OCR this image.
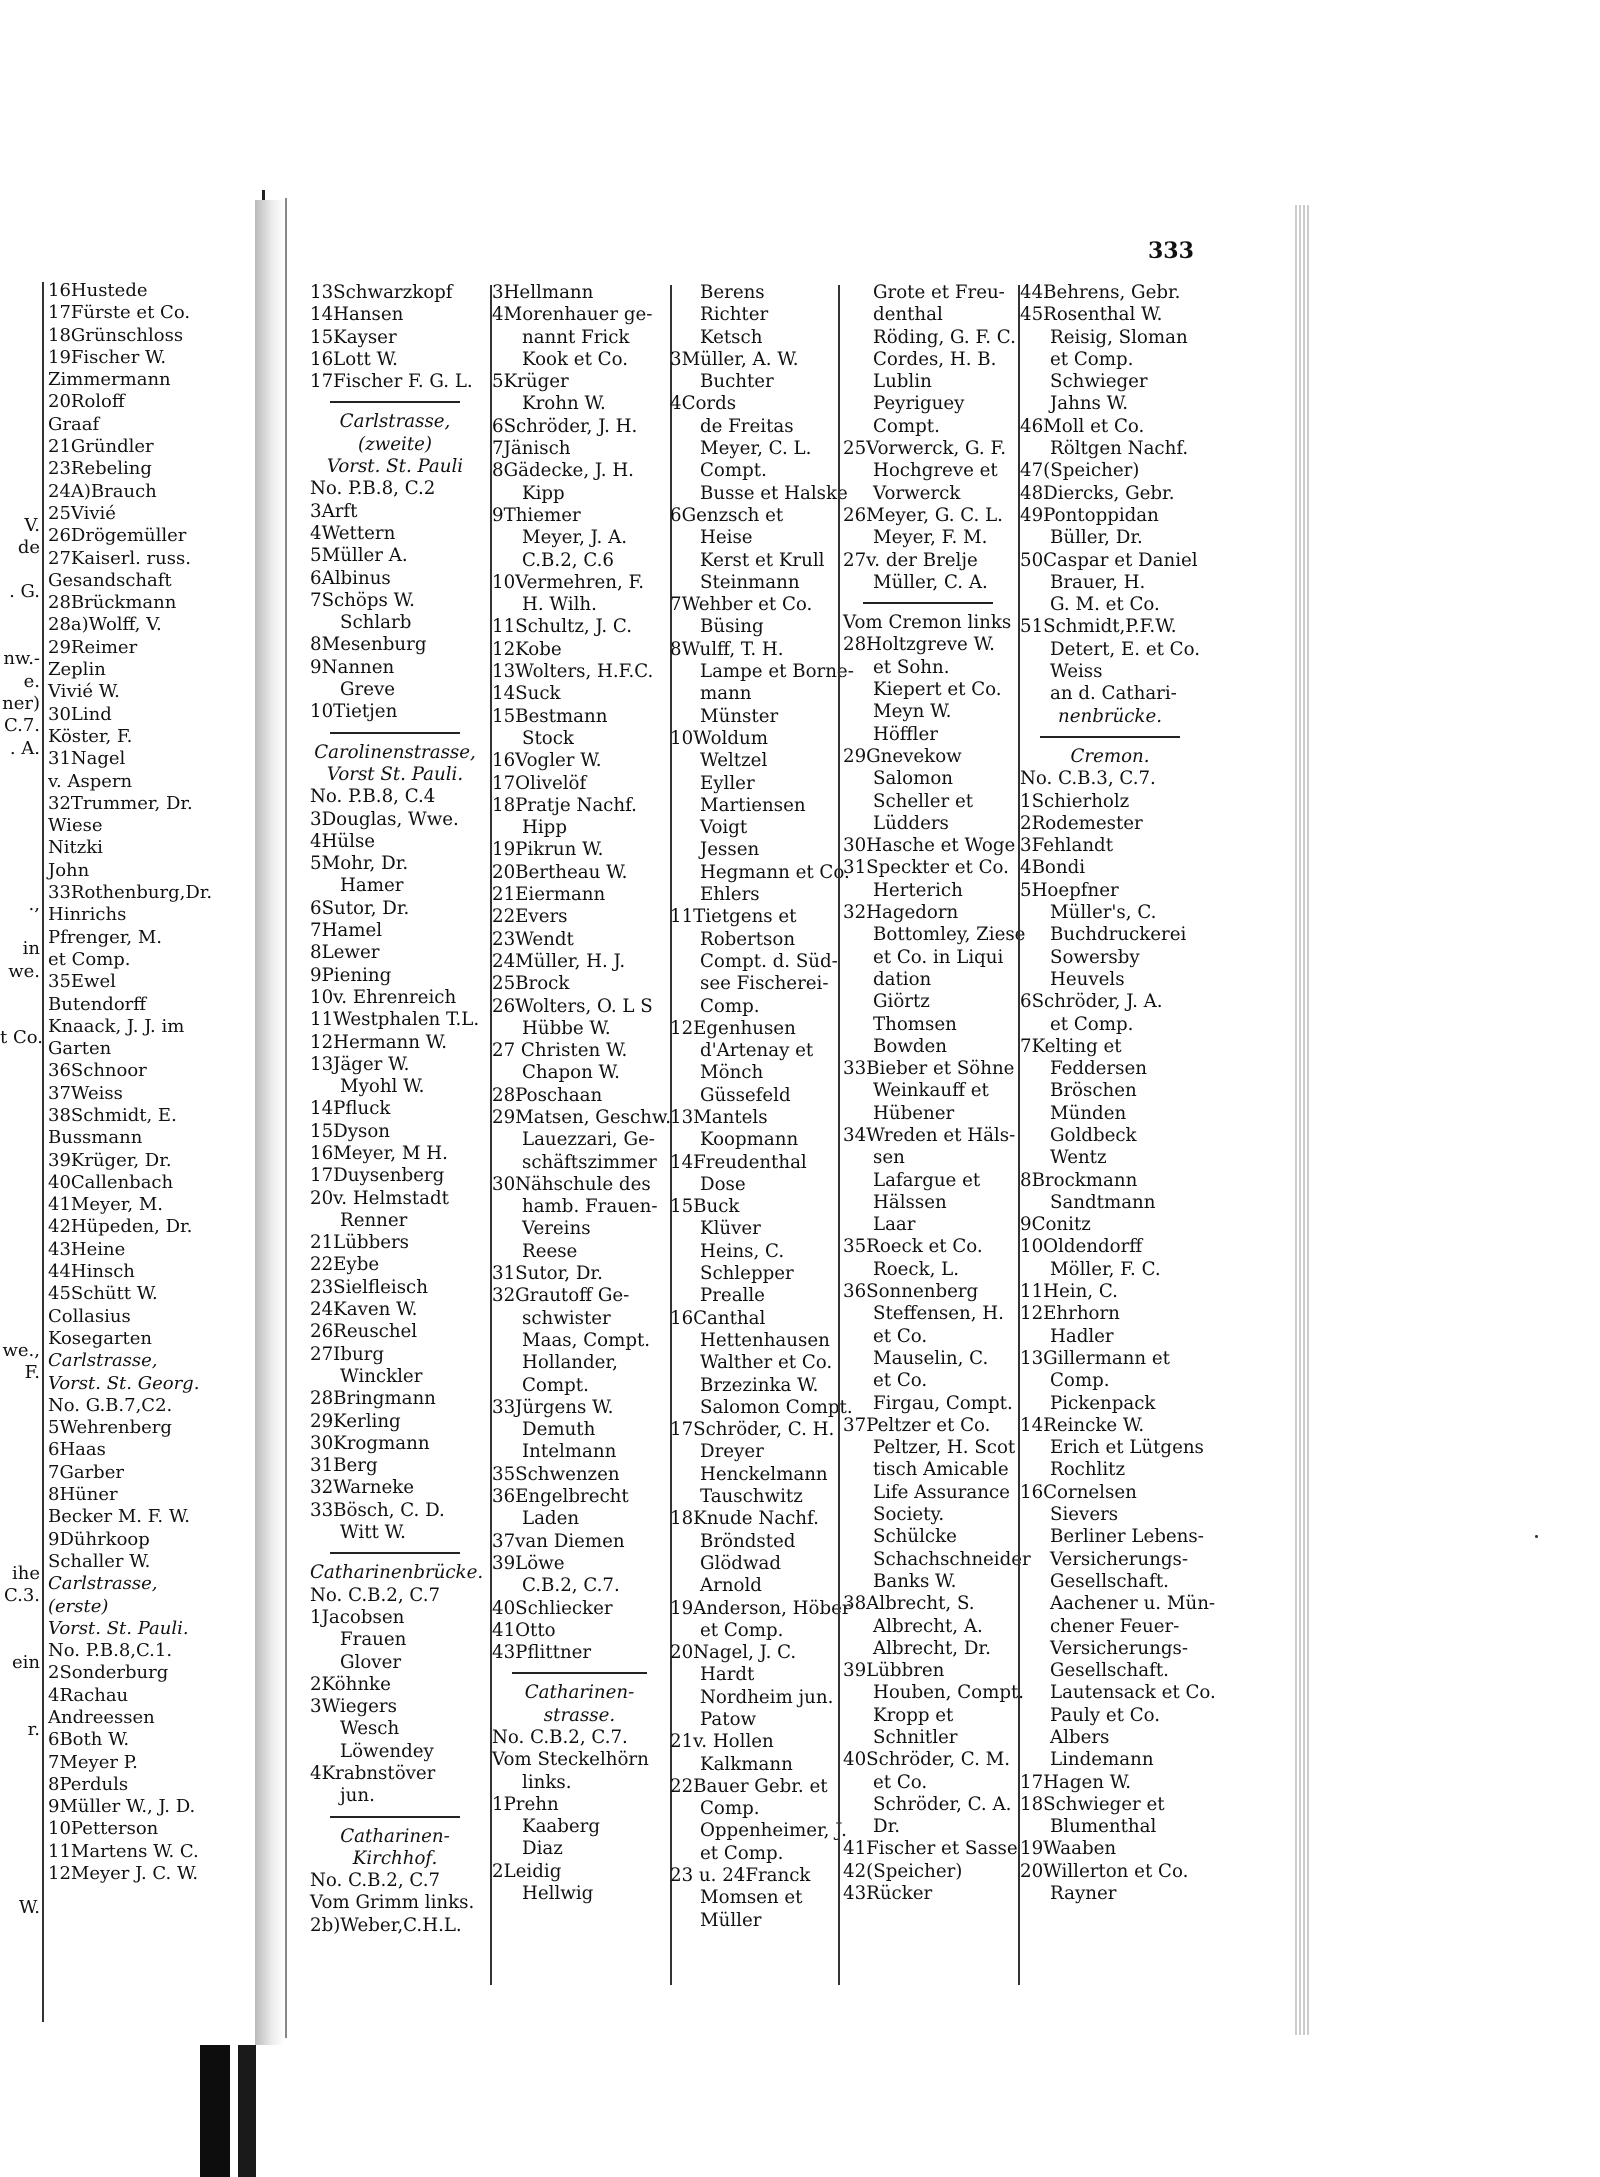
V.
de
. G.
nw.-
e.
ner)
C.7.
. A.
.,
in
we.
t Co.
we.,
F.
ihe
C.3.
ein
r.
W.
16Hustede
17Fürste et Co.
18Grünschloss
19Fischer W.
Zimmermann
20Roloff
Graaf
21Gründler
23Rebeling
24A)Brauch
25Vivié
26Drögemüller
27Kaiserl. russ.
Gesandschaft
28Brückmann
28a)Wolff, V.
29Reimer
Zeplin
Vivié W.
30Lind
Köster, F.
31Nagel
v. Aspern
32Trummer, Dr.
Wiese
Nitzki
John
33Rothenburg,Dr.
Hinrichs
Pfrenger, M.
et Comp.
35Ewel
Butendorff
Knaack, J. J. im
Garten
36Schnoor
37Weiss
38Schmidt, E.
Bussmann
39Krüger, Dr.
40Callenbach
41Meyer, M.
42Hüpeden, Dr.
43Heine
44Hinsch
45Schütt W.
Collasius
Kosegarten
Carlstrasse,
Vorst. St. Georg.
No. G.B.7,C2.
5Wehrenberg
6Haas
7Garber
8Hüner
Becker M. F. W.
9Dührkoop
Schaller W.
Carlstrasse,
(erste)
Vorst. St. Pauli.
No. P.B.8,C.1.
2Sonderburg
4Rachau
Andreessen
6Both W.
7Meyer P.
8Perduls
9Müller W., J. D.
10Petterson
11Martens W. C.
12Meyer J. C. W.
333
13Schwarzkopf
14Hansen
15Kayser
16Lott W.
17Fischer F. G. L.
Carlstrasse,
(zweite)
Vorst. St. Pauli
No. P.B.8, C.2
3Arft
4Wettern
5Müller A.
6Albinus
7Schöps W.
Schlarb
8Mesenburg
9Nannen
Greve
10Tietjen
Carolinenstrasse,
Vorst St. Pauli.
No. P.B.8, C.4
3Douglas, Wwe.
4Hülse
5Mohr, Dr.
Hamer
6Sutor, Dr.
7Hamel
8Lewer
9Piening
10v. Ehrenreich
11Westphalen T.L.
12Hermann W.
13Jäger W.
Myohl W.
14Pfluck
15Dyson
16Meyer, M H.
17Duysenberg
20v. Helmstadt
Renner
21Lübbers
22Eybe
23Sielfleisch
24Kaven W.
26Reuschel
27Iburg
Winckler
28Bringmann
29Kerling
30Krogmann
31Berg
32Warneke
33Bösch, C. D.
Witt W.
Catharinenbrücke.
No. C.B.2, C.7
1Jacobsen
Frauen
Glover
2Köhnke
3Wiegers
Wesch
Löwendey
4Krabnstöver
jun.
Catharinen-
Kirchhof.
No. C.B.2, C.7
Vom Grimm links.
2b)Weber,C.H.L.
3Hellmann
4Morenhauer ge-
nannt Frick
Kook et Co.
5Krüger
Krohn W.
6Schröder, J. H.
7Jänisch
8Gädecke, J. H.
Kipp
9Thiemer
Meyer, J. A.
C.B.2, C.6
10Vermehren, F.
H. Wilh.
11Schultz, J. C.
12Kobe
13Wolters, H.F.C.
14Suck
15Bestmann
Stock
16Vogler W.
17Olivelöf
18Pratje Nachf.
Hipp
19Pikrun W.
20Bertheau W.
21Eiermann
22Evers
23Wendt
24Müller, H. J.
25Brock
26Wolters, O. L S
Hübbe W.
27 Christen W.
Chapon W.
28Poschaan
29Matsen, Geschw.
Lauezzari, Ge-
schäftszimmer
30Nähschule des
hamb. Frauen-
Vereins
Reese
31Sutor, Dr.
32Grautoff Ge-
schwister
Maas, Compt.
Hollander,
Compt.
33Jürgens W.
Demuth
Intelmann
35Schwenzen
36Engelbrecht
Laden
37van Diemen
39Löwe
C.B.2, C.7.
40Schliecker
41Otto
43Pflittner
Catharinen-
strasse.
No. C.B.2, C.7.
Vom Steckelhörn
links.
1Prehn
Kaaberg
Diaz
2Leidig
Hellwig
Berens
Richter
Ketsch
3Müller, A. W.
Buchter
4Cords
de Freitas
Meyer, C. L.
Compt.
Busse et Halske
6Genzsch et
Heise
Kerst et Krull
Steinmann
7Wehber et Co.
Büsing
8Wulff, T. H.
Lampe et Borne-
mann
Münster
10Woldum
Weltzel
Eyller
Martiensen
Voigt
Jessen
Hegmann et Co.
Ehlers
11Tietgens et
Robertson
Compt. d. Süd-
see Fischerei-
Comp.
12Egenhusen
d'Artenay et
Mönch
Güssefeld
13Mantels
Koopmann
14Freudenthal
Dose
15Buck
Klüver
Heins, C.
Schlepper
Prealle
16Canthal
Hettenhausen
Walther et Co.
Brzezinka W.
Salomon Compt.
17Schröder, C. H.
Dreyer
Henckelmann
Tauschwitz
18Knude Nachf.
Bröndsted
Glödwad
Arnold
19Anderson, Höber
et Comp.
20Nagel, J. C.
Hardt
Nordheim jun.
Patow
21v. Hollen
Kalkmann
22Bauer Gebr. et
Comp.
Oppenheimer, J.
et Comp.
23 u. 24Franck
Momsen et
Müller
Grote et Freu-
denthal
Röding, G. F. C.
Cordes, H. B.
Lublin
Peyriguey
Compt.
25Vorwerck, G. F.
Hochgreve et
Vorwerck
26Meyer, G. C. L.
Meyer, F. M.
27v. der Brelje
Müller, C. A.
Vom Cremon links
28Holtzgreve W.
et Sohn.
Kiepert et Co.
Meyn W.
Höffler
29Gnevekow
Salomon
Scheller et
Lüdders
30Hasche et Woge
31Speckter et Co.
Herterich
32Hagedorn
Bottomley, Ziese
et Co. in Liqui
dation
Giörtz
Thomsen
Bowden
33Bieber et Söhne
Weinkauff et
Hübener
34Wreden et Häls-
sen
Lafargue et
Hälssen
Laar
35Roeck et Co.
Roeck, L.
36Sonnenberg
Steffensen, H.
et Co.
Mauselin, C.
et Co.
Firgau, Compt.
37Peltzer et Co.
Peltzer, H. Scot
tisch Amicable
Life Assurance
Society.
Schülcke
Schachschneider
Banks W.
38Albrecht, S.
Albrecht, A.
Albrecht, Dr.
39Lübbren
Houben, Compt.
Kropp et
Schnitler
40Schröder, C. M.
et Co.
Schröder, C. A.
Dr.
41Fischer et Sasse
42(Speicher)
43Rücker
44Behrens, Gebr.
45Rosenthal W.
Reisig, Sloman
et Comp.
Schwieger
Jahns W.
46Moll et Co.
Röltgen Nachf.
47(Speicher)
48Diercks, Gebr.
49Pontoppidan
Büller, Dr.
50Caspar et Daniel
Brauer, H.
G. M. et Co.
51Schmidt,P.F.W.
Detert, E. et Co.
Weiss
an d. Cathari-
nenbrücke.
Cremon.
No. C.B.3, C.7.
1Schierholz
2Rodemester
3Fehlandt
4Bondi
5Hoepfner
Müller's, C.
Buchdruckerei
Sowersby
Heuvels
6Schröder, J. A.
et Comp.
7Kelting et
Feddersen
Bröschen
Münden
Goldbeck
Wentz
8Brockmann
Sandtmann
9Conitz
10Oldendorff
Möller, F. C.
11Hein, C.
12Ehrhorn
Hadler
13Gillermann et
Comp.
Pickenpack
14Reincke W.
Erich et Lütgens
Rochlitz
16Cornelsen
Sievers
Berliner Lebens-
Versicherungs-
Gesellschaft.
Aachener u. Mün-
chener Feuer-
Versicherungs-
Gesellschaft.
Lautensack et Co.
Pauly et Co.
Albers
Lindemann
17Hagen W.
18Schwieger et
Blumenthal
19Waaben
20Willerton et Co.
Rayner
